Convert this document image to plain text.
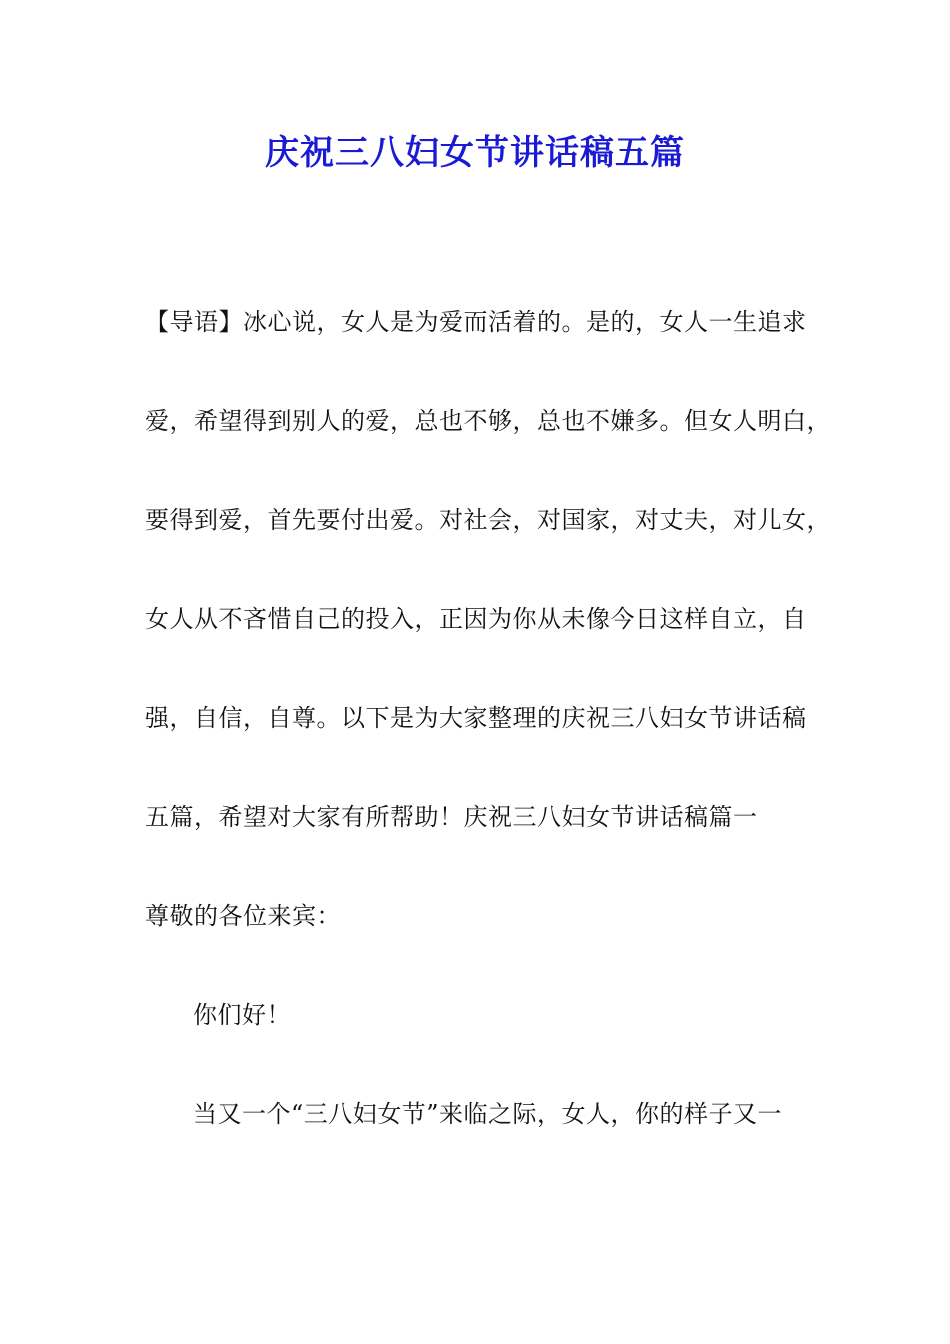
庆祝三八妇女节讲话稿五篇
【导语】冰心说，女人是为爱而活着的。是的，女人一生追求
爱，希望得到别人的爱，总也不够，总也不嫌多。但女人明白，
要得到爱，首先要付出爱。对社会，对国家，对丈夫，对儿女，
女人从不吝惜自己的投入，正因为你从未像今日这样自立，自
强，自信，自尊。以下是为大家整理的庆祝三八妇女节讲话稿
五篇，希望对大家有所帮助！庆祝三八妇女节讲话稿篇一
尊敬的各位来宾：
你们好！
当又一个“三八妇女节”来临之际，女人，你的样子又一
